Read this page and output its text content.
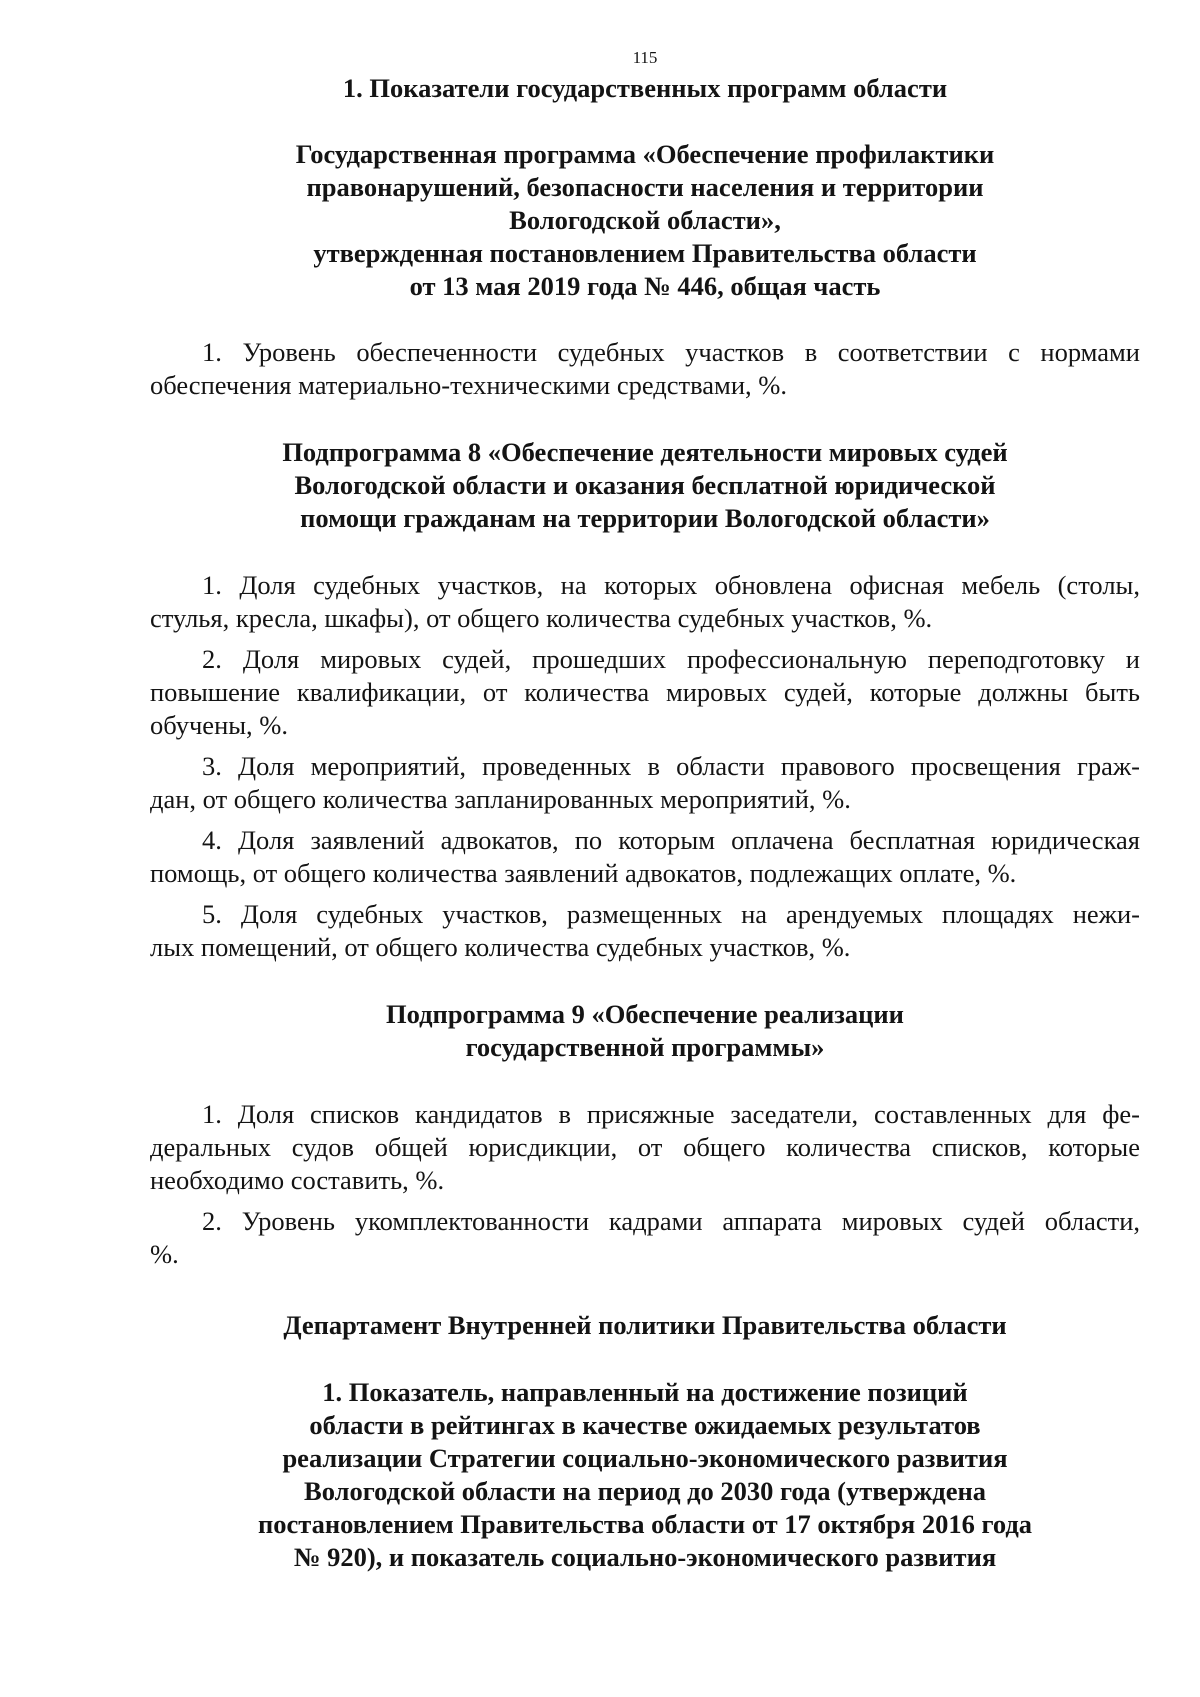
115
1. Показатели государственных программ области
Государственная программа «Обеспечение профилактики
правонарушений, безопасности населения и территории
Вологодской области»,
утвержденная постановлением Правительства области
от 13 мая 2019 года № 446, общая часть

1. Уровень обеспеченности судебных участков в соответствии с нормами
обеспечения материально-техническими средствами, %.

Подпрограмма 8 «Обеспечение деятельности мировых судей
Вологодской области и оказания бесплатной юридической
помощи гражданам на территории Вологодской области»

1. Доля судебных участков, на которых обновлена офисная мебель (столы,
стулья, кресла, шкафы), от общего количества судебных участков, %.

2. Доля мировых судей, прошедших профессиональную переподготовку и
повышение квалификации, от количества мировых судей, которые должны быть обучены, %.

3. Доля мероприятий, проведенных в области правового просвещения граж-
дан, от общего количества запланированных мероприятий, %.

4. Доля заявлений адвокатов, по которым оплачена бесплатная юридическая
помощь, от общего количества заявлений адвокатов, подлежащих оплате, %.

5. Доля судебных участков, размещенных на арендуемых площадях нежи-
лых помещений, от общего количества судебных участков, %.

Подпрограмма 9 «Обеспечение реализации
государственной программы»

1. Доля списков кандидатов в присяжные заседатели, составленных для фе-
деральных судов общей юрисдикции, от общего количества списков, которые необходимо составить, %.

2. Уровень укомплектованности кадрами аппарата мировых судей области,
%.

Департамент Внутренней политики Правительства области
1. Показатель, направленный на достижение позиций
области в рейтингах в качестве ожидаемых результатов
реализации Стратегии социально-экономического развития
Вологодской области на период до 2030 года (утверждена
постановлением Правительства области от 17 октября 2016 года
№ 920), и показатель социально-экономического развития
